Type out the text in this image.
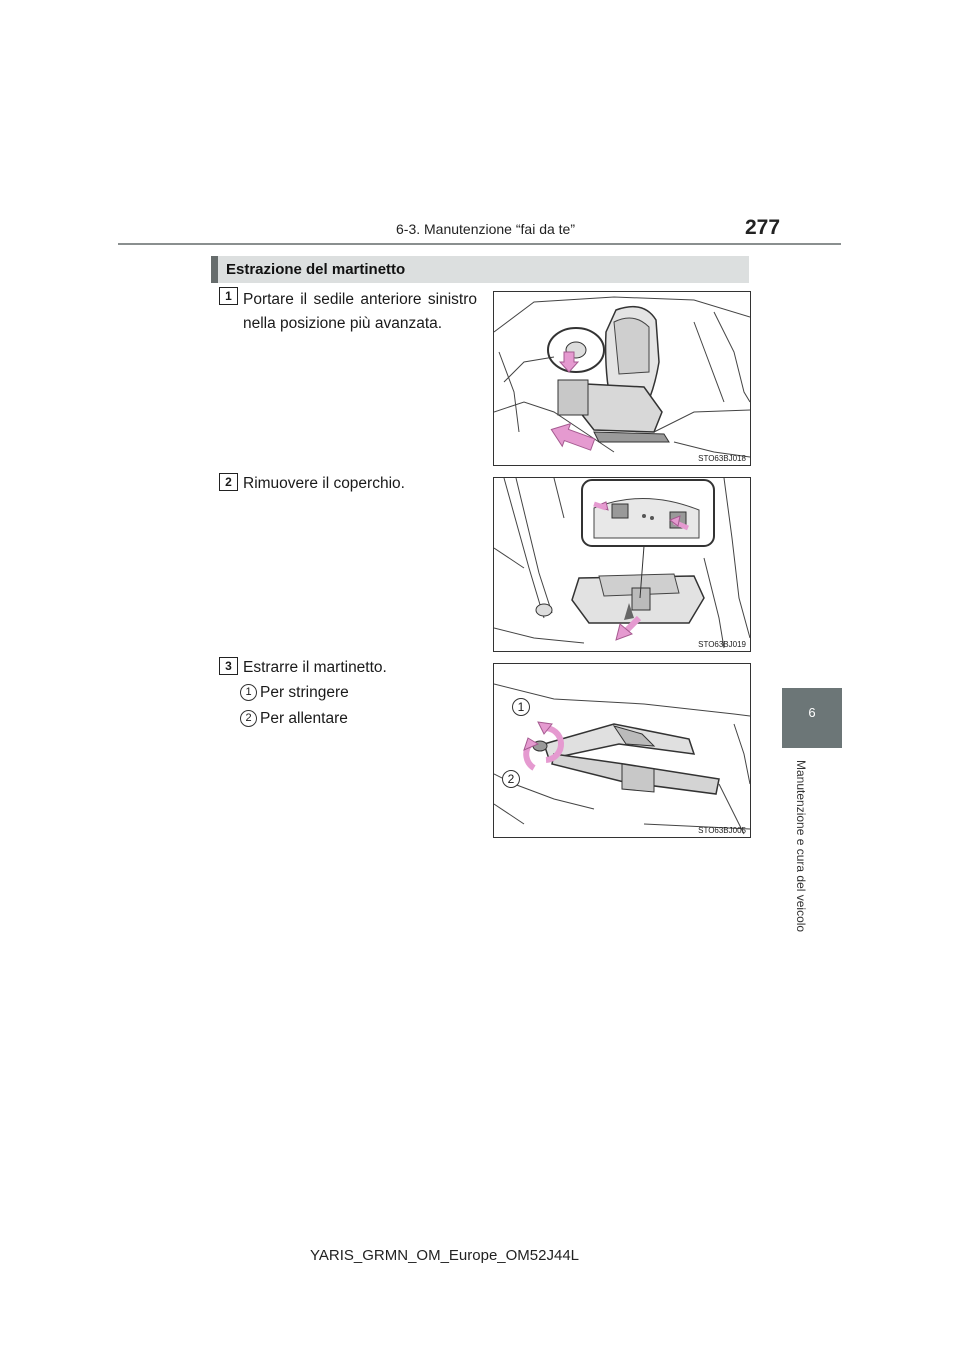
6-3. Manutenzione “fai da te”	277
6
Manutenzione e cura del veicolo
Estrazione del martinetto
1 Portare il sedile anteriore sinistro nella posizione più avanzata.
STO63BJ018
2 Rimuovere il coperchio.
STO63BJ019
3 Estrarre il martinetto.
1 Per stringere
2 Per allentare
1
2
STO63BJ005
YARIS_GRMN_OM_Europe_OM52J44L
